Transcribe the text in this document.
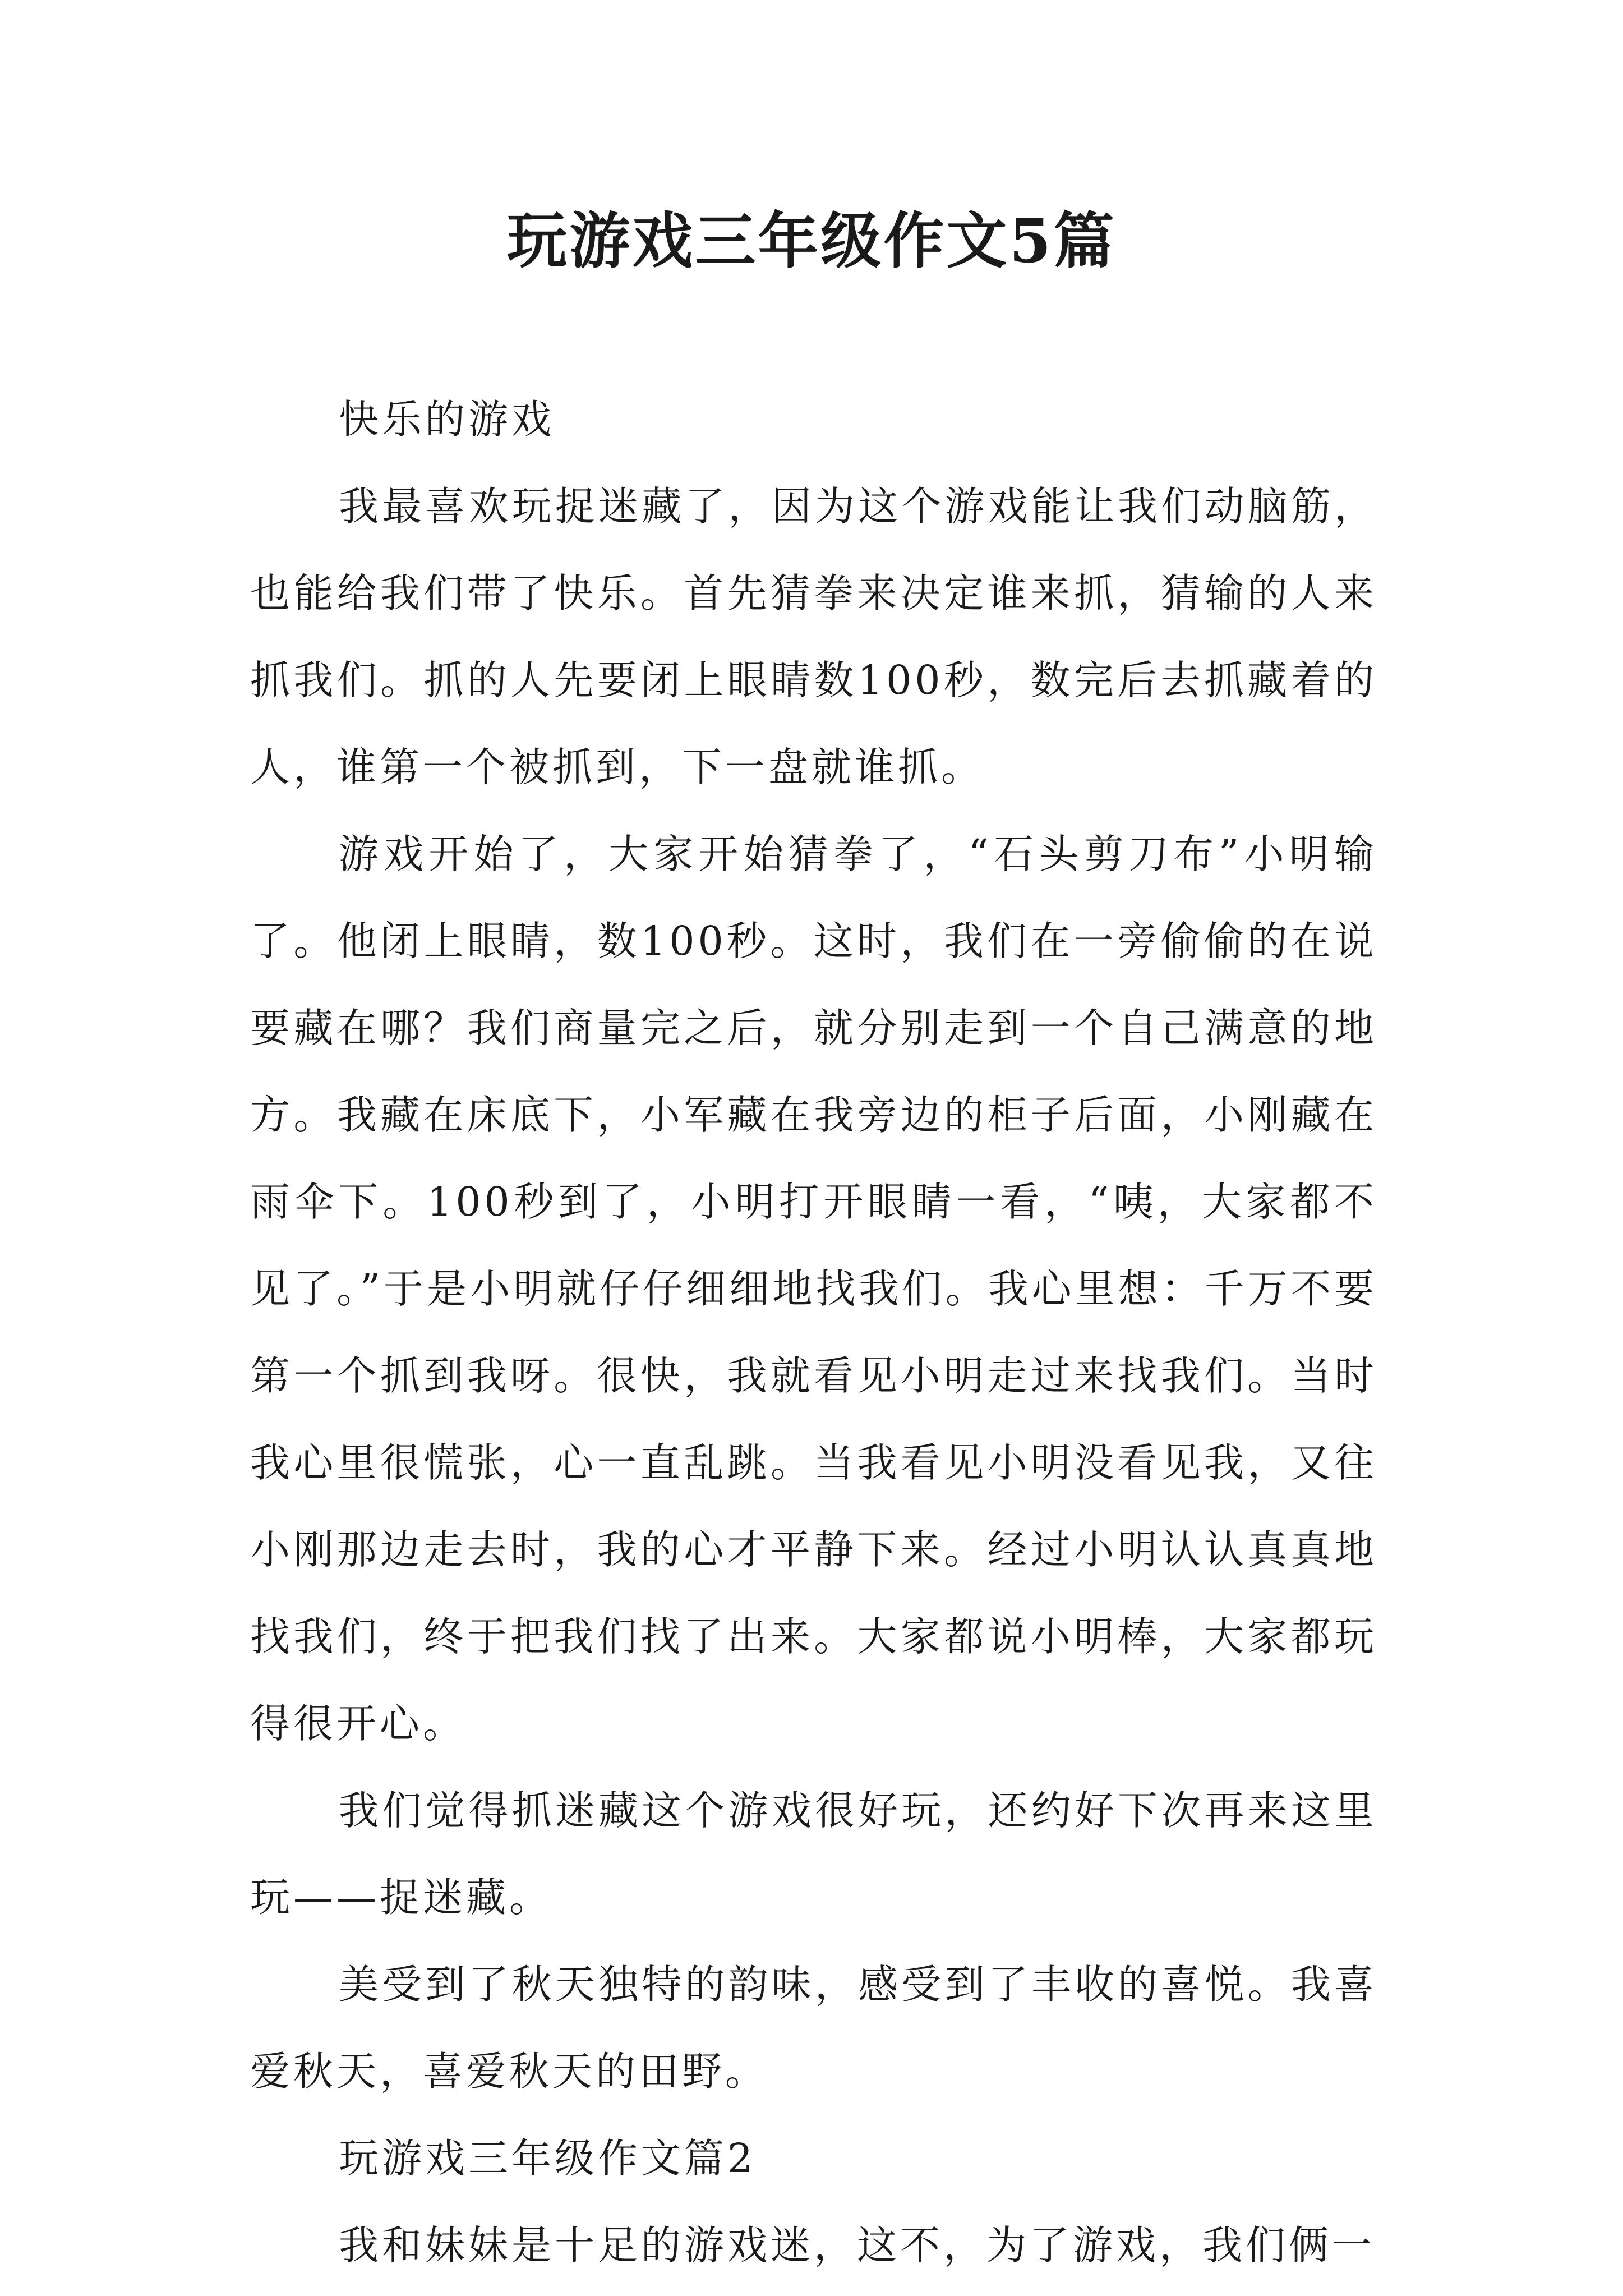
玩游戏三年级作文5篇

快乐的游戏

我最喜欢玩捉迷藏了，因为这个游戏能让我们动脑筋，也能给我们带了快乐。首先猜拳来决定谁来抓，猜输的人来抓我们。抓的人先要闭上眼睛数100秒，数完后去抓藏着的人，谁第一个被抓到，下一盘就谁抓。

游戏开始了，大家开始猜拳了，“石头剪刀布”小明输了。他闭上眼睛，数100秒。这时，我们在一旁偷偷的在说要藏在哪？我们商量完之后，就分别走到一个自己满意的地方。我藏在床底下，小军藏在我旁边的柜子后面，小刚藏在雨伞下。100秒到了，小明打开眼睛一看，“咦，大家都不见了。”于是小明就仔仔细细地找我们。我心里想：千万不要第一个抓到我呀。很快，我就看见小明走过来找我们。当时我心里很慌张，心一直乱跳。当我看见小明没看见我，又往小刚那边走去时，我的心才平静下来。经过小明认认真真地找我们，终于把我们找了出来。大家都说小明棒，大家都玩得很开心。

我们觉得抓迷藏这个游戏很好玩，还约好下次再来这里玩——捉迷藏。

美受到了秋天独特的韵味，感受到了丰收的喜悦。我喜爱秋天，喜爱秋天的田野。

玩游戏三年级作文篇2

我和妹妹是十足的游戏迷，这不，为了游戏，我们俩一
